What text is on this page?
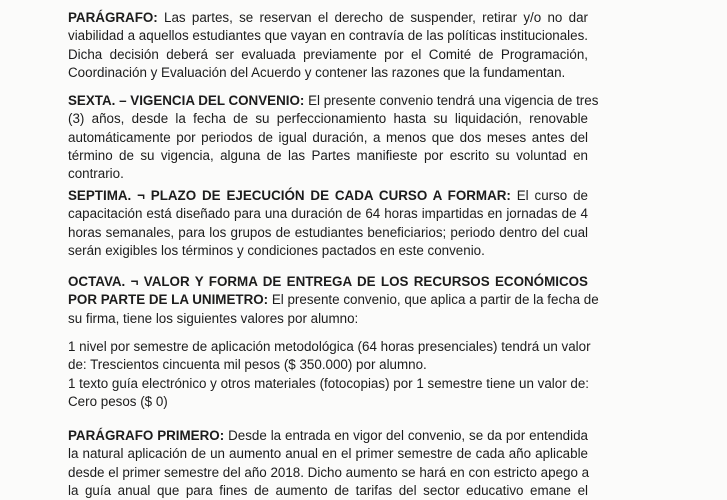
PARÁGRAFO: Las partes, se reservan el derecho de suspender, retirar y/o no dar
viabilidad a aquellos estudiantes que vayan en contravía de las políticas institucionales.
Dicha decisión deberá ser evaluada previamente por el Comité de Programación,
Coordinación y Evaluación del Acuerdo y contener las razones que la fundamentan.
SEXTA. – VIGENCIA DEL CONVENIO: El presente convenio tendrá una vigencia de tres
(3) años, desde la fecha de su perfeccionamiento hasta su liquidación, renovable
automáticamente por periodos de igual duración, a menos que dos meses antes del
término de su vigencia, alguna de las Partes manifieste por escrito su voluntad en
contrario.
SEPTIMA. ¬ PLAZO DE EJECUCIÓN DE CADA CURSO A FORMAR: El curso de
capacitación está diseñado para una duración de 64 horas impartidas en jornadas de 4
horas semanales, para los grupos de estudiantes beneficiarios; periodo dentro del cual
serán exigibles los términos y condiciones pactados en este convenio.
OCTAVA. ¬ VALOR Y FORMA DE ENTREGA DE LOS RECURSOS ECONÓMICOS
POR PARTE DE LA UNIMETRO: El presente convenio, que aplica a partir de la fecha de
su firma, tiene los siguientes valores por alumno:
1 nivel por semestre de aplicación metodológica (64 horas presenciales) tendrá un valor
de: Trescientos cincuenta mil pesos ($ 350.000) por alumno.
1 texto guía electrónico y otros materiales (fotocopias) por 1 semestre tiene un valor de:
Cero pesos ($ 0)
PARÁGRAFO PRIMERO: Desde la entrada en vigor del convenio, se da por entendida
la natural aplicación de un aumento anual en el primer semestre de cada año aplicable
desde el primer semestre del año 2018. Dicho aumento se hará en con estricto apego a
la guía anual que para fines de aumento de tarifas del sector educativo emane el
